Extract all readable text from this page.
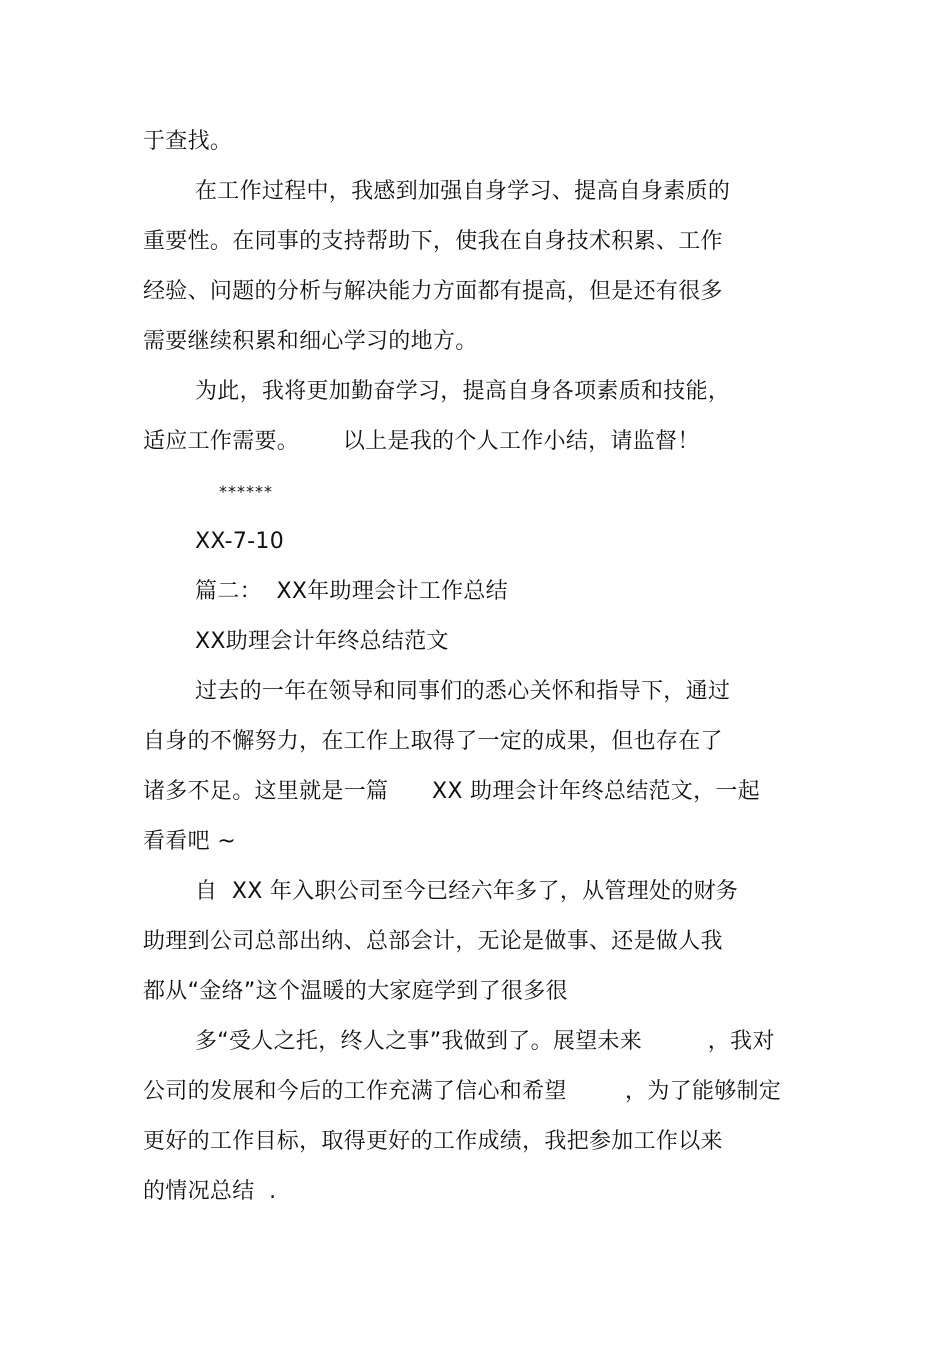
于查找。
在工作过程中，我感到加强自身学习、提高自身素质的
重要性。在同事的支持帮助下，使我在自身技术积累、工作
经验、问题的分析与解决能力方面都有提高，但是还有很多
需要继续积累和细心学习的地方。
为此，我将更加勤奋学习，提高自身各项素质和技能，
适应工作需要。      以上是我的个人工作小结，请监督！
******
XX-7-10
篇二：  XX年助理会计工作总结
XX助理会计年终总结范文
过去的一年在领导和同事们的悉心关怀和指导下，通过
自身的不懈努力，在工作上取得了一定的成果，但也存在了
诸多不足。这里就是一篇      XX 助理会计年终总结范文，一起
看看吧 ~
自  XX 年入职公司至今已经六年多了，从管理处的财务
助理到公司总部出纳、总部会计，无论是做事、还是做人我
都从“金络”这个温暖的大家庭学到了很多很
多“受人之托，终人之事”我做到了。展望未来         ，我对
公司的发展和今后的工作充满了信心和希望        ，为了能够制定
更好的工作目标，取得更好的工作成绩，我把参加工作以来
的情况总结  .
